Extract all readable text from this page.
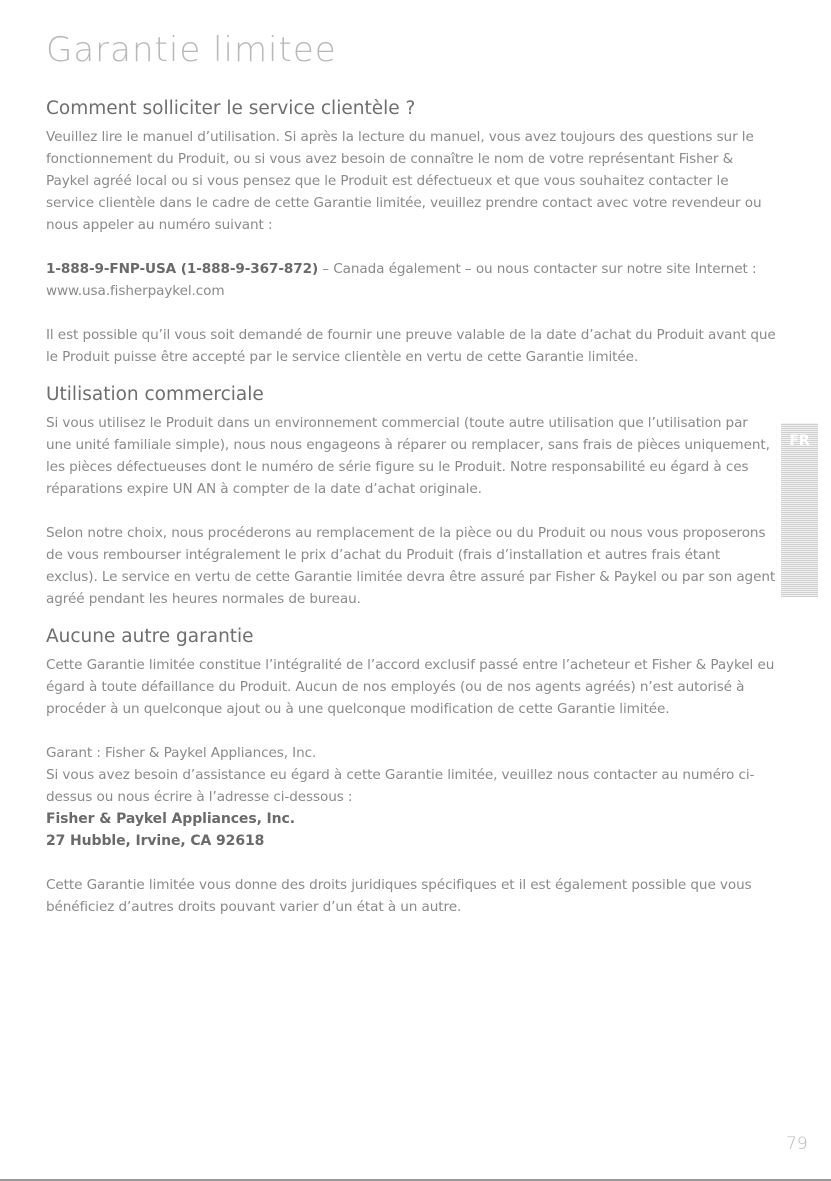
Garantie limitee
Comment solliciter le service clientèle ?

Veuillez lire le manuel d’utilisation. Si après la lecture du manuel, vous avez toujours des questions sur le fonctionnement du Produit, ou si vous avez besoin de connaître le nom de votre représentant Fisher & Paykel agréé local ou si vous pensez que le Produit est défectueux et que vous souhaitez contacter le service clientèle dans le cadre de cette Garantie limitée, veuillez prendre contact avec votre revendeur ou nous appeler au numéro suivant :

1-888-9-FNP-USA (1-888-9-367-872) – Canada également – ou nous contacter sur notre site Internet : www.usa.fisherpaykel.com

Il est possible qu’il vous soit demandé de fournir une preuve valable de la date d’achat du Produit avant que le Produit puisse être accepté par le service clientèle en vertu de cette Garantie limitée.

Utilisation commerciale

Si vous utilisez le Produit dans un environnement commercial (toute autre utilisation que l’utilisation par une unité familiale simple), nous nous engageons à réparer ou remplacer, sans frais de pièces uniquement, les pièces défectueuses dont le numéro de série figure su le Produit. Notre responsabilité eu égard à ces réparations expire UN AN à compter de la date d’achat originale.

Selon notre choix, nous procéderons au remplacement de la pièce ou du Produit ou nous vous proposerons de vous rembourser intégralement le prix d’achat du Produit (frais d’installation et autres frais étant exclus). Le service en vertu de cette Garantie limitée devra être assuré par Fisher & Paykel ou par son agent agréé pendant les heures normales de bureau.

Aucune autre garantie

Cette Garantie limitée constitue l’intégralité de l’accord exclusif passé entre l’acheteur et Fisher & Paykel eu égard à toute défaillance du Produit. Aucun de nos employés (ou de nos agents agréés) n’est autorisé à procéder à un quelconque ajout ou à une quelconque modification de cette Garantie limitée.

Garant : Fisher & Paykel Appliances, Inc.

Si vous avez besoin d’assistance eu égard à cette Garantie limitée, veuillez nous contacter au numéro ci-dessus ou nous écrire à l’adresse ci-dessous :

Fisher & Paykel Appliances, Inc.

27 Hubble, Irvine, CA 92618

Cette Garantie limitée vous donne des droits juridiques spécifiques et il est également possible que vous bénéficiez d’autres droits pouvant varier d’un état à un autre.

FR
79
